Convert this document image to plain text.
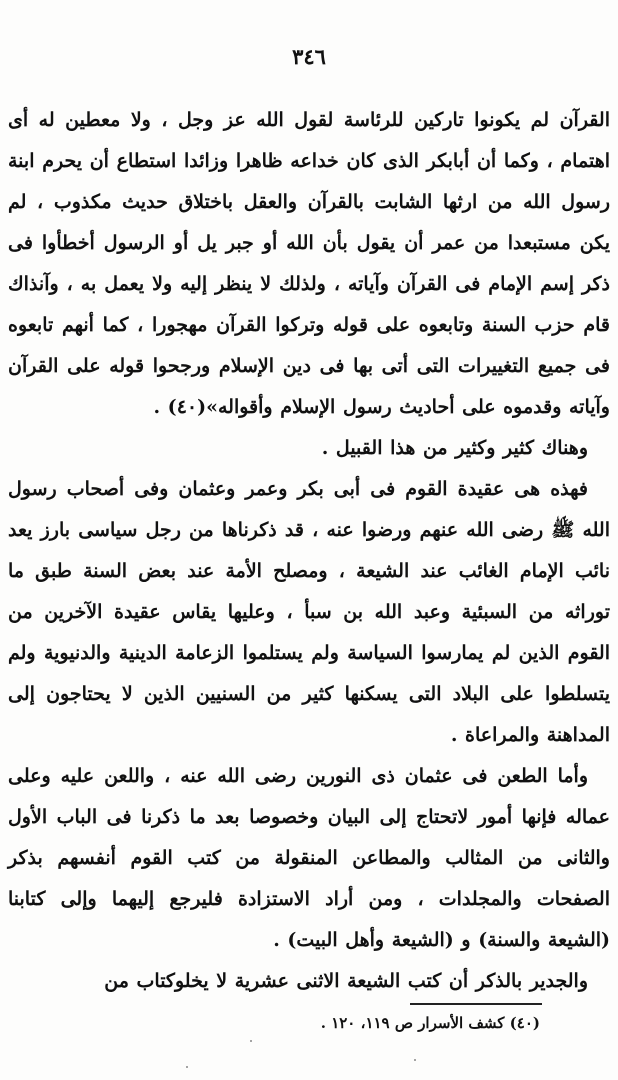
٣٤٦

القرآن لم يكونوا تاركين للرئاسة لقول الله عز وجل ، ولا معطين له أى اهتمام ، وكما أن أبابكر الذى كان خداعه ظاهرا وزائدا استطاع أن يحرم ابنة رسول الله من ارثها الشابت بالقرآن والعقل باختلاق حديث مكذوب ، لم يكن مستبعدا من عمر أن يقول بأن الله أو جبر يل أو الرسول أخطأوا فى ذكر إسم الإمام فى القرآن وآياته ، ولذلك لا ينظر إليه ولا يعمل به ، وآنذاك قام حزب السنة وتابعوه على قوله وتركوا القرآن مهجورا ، كما أنهم تابعوه فى جميع التغييرات التى أتى بها فى دين الإسلام ورجحوا قوله على القرآن وآياته وقدموه على أحاديث رسول الإسلام وأقواله»(٤٠) .

وهناك كثير وكثير من هذا القبيل .

فهذه هى عقيدة القوم فى أبى بكر وعمر وعثمان وفى أصحاب رسول الله ﷺ رضى الله عنهم ورضوا عنه ، قد ذكرناها من رجل سياسى بارز يعد نائب الإمام الغائب عند الشيعة ، ومصلح الأمة عند بعض السنة طبق ما توراثه من السبئية وعبد الله بن سبأ ، وعليها يقاس عقيدة الآخرين من القوم الذين لم يمارسوا السياسة ولم يستلموا الزعامة الدينية والدنيوية ولم يتسلطوا على البلاد التى يسكنها كثير من السنيين الذين لا يحتاجون إلى المداهنة والمراعاة .

وأما الطعن فى عثمان ذى النورين رضى الله عنه ، واللعن عليه وعلى عماله فإنها أمور لاتحتاج إلى البيان وخصوصا بعد ما ذكرنا فى الباب الأول والثانى من المثالب والمطاعن المنقولة من كتب القوم أنفسهم بذكر الصفحات والمجلدات ، ومن أراد الاستزادة فليرجع إليهما وإلى كتابنا (الشيعة والسنة) و (الشيعة وأهل البيت) .

والجدير بالذكر أن كتب الشيعة الاثنى عشرية لا يخلوكتاب من

(٤٠) كشف الأسرار ص ١١٩، ١٢٠ .
